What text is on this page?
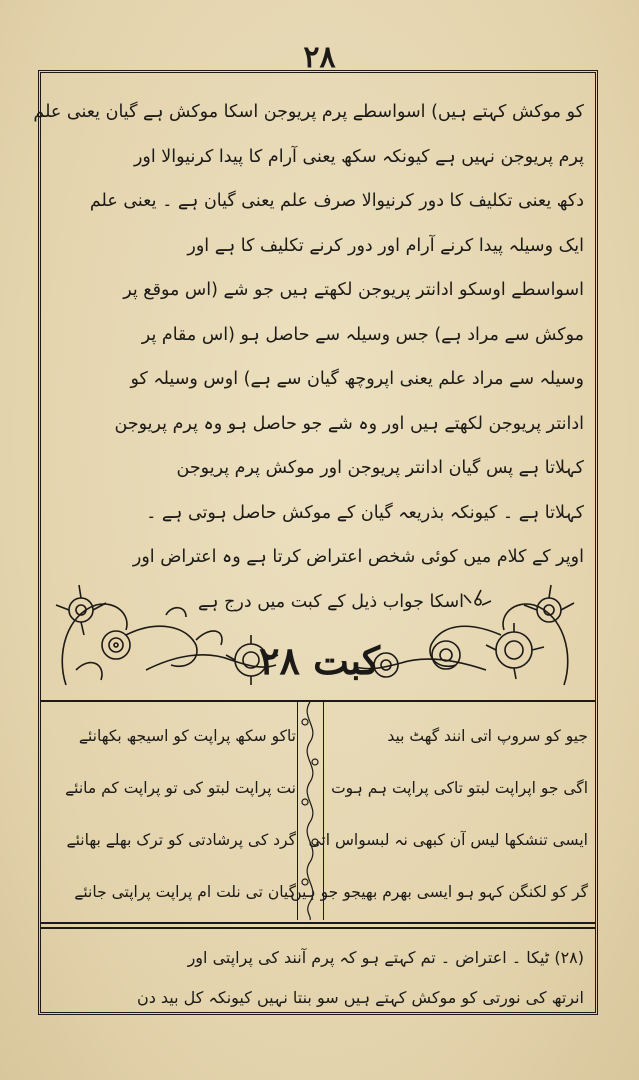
۲۸
کو موکش کہتے ہیں) اسواسطے پرم پریوجن اسکا موکش ہے گیان یعنی علم
پرم پریوجن نہیں ہے کیونکہ سکھ یعنی آرام کا پیدا کرنیوالا اور
دکھ یعنی تکلیف کا دور کرنیوالا صرف علم یعنی گیان ہے ۔ یعنی علم
ایک وسیلہ پیدا کرنے آرام اور دور کرنے تکلیف کا ہے اور
اسواسطے اوسکو ادانتر پریوجن لکھتے ہیں جو شے (اس موقع پر
موکش سے مراد ہے) جس وسیلہ سے حاصل ہو (اس مقام پر
وسیلہ سے مراد علم یعنی اپروچھ گیان سے ہے) اوس وسیلہ کو
ادانتر پریوجن لکھتے ہیں اور وہ شے جو حاصل ہو وہ پرم پریوجن
کہلاتا ہے پس گیان ادانتر پریوجن اور موکش پرم پریوجن
کہلاتا ہے ۔ کیونکہ بذریعہ گیان کے موکش حاصل ہوتی ہے ۔
اوپر کے کلام میں کوئی شخص اعتراض کرتا ہے وہ اعتراض اور
اسکا جواب ذیل کے کبت میں درج ہے
کبت ۲۸
جیو کو سروپ اتی انند گھٹ بید
اگی جو اپراپت لبتو تاکی پراپت ہم ہوت
ایسی تنشکھا لیس آن کبھی نہ لبسواس اتی
گر کو لکنگن کہو ہو ایسی بھرم بھیجو جو ہیں
تاکو سکھ پراپت کو اسیجھ بکھانئے
نت پراپت لبتو کی تو پراپت کم مانئے
گرد کی پرشادتی کو ترک بھلے بھانئے
گیان تی نلت ام پراپت پراپتی جانئے
(۲۸) ٹیکا ۔ اعتراض ۔ تم کہتے ہو کہ پرم آنند کی پراپتی اور
انرتھ کی نورتی کو موکش کہتے ہیں سو بنتا نہیں کیونکہ کل بید دن
